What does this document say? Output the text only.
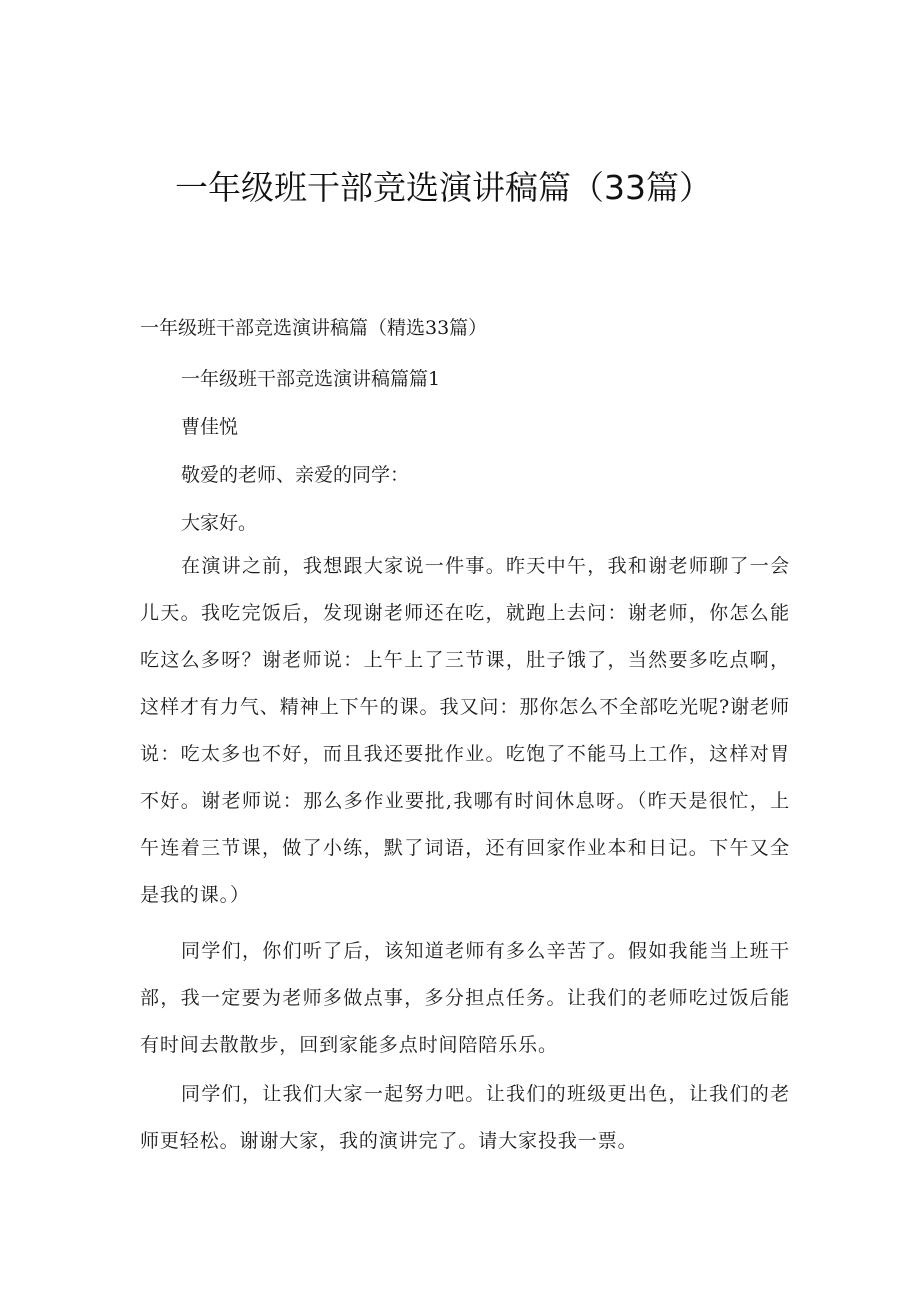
一年级班干部竞选演讲稿篇（33篇）
一年级班干部竞选演讲稿篇（精选33篇）
一年级班干部竞选演讲稿篇篇1
曹佳悦
敬爱的老师、亲爱的同学：
大家好。

在演讲之前，我想跟大家说一件事。昨天中午，我和谢老师聊了一会儿天。我吃完饭后，发现谢老师还在吃，就跑上去问：谢老师，你怎么能吃这么多呀？谢老师说：上午上了三节课，肚子饿了，当然要多吃点啊，这样才有力气、精神上下午的课。我又问：那你怎么不全部吃光呢?谢老师说：吃太多也不好，而且我还要批作业。吃饱了不能马上工作，这样对胃不好。谢老师说：那么多作业要批,我哪有时间休息呀。（昨天是很忙，上午连着三节课，做了小练，默了词语，还有回家作业本和日记。下午又全是我的课。）

同学们，你们听了后，该知道老师有多么辛苦了。假如我能当上班干部，我一定要为老师多做点事，多分担点任务。让我们的老师吃过饭后能有时间去散散步，回到家能多点时间陪陪乐乐。

同学们，让我们大家一起努力吧。让我们的班级更出色，让我们的老师更轻松。谢谢大家，我的演讲完了。请大家投我一票。
